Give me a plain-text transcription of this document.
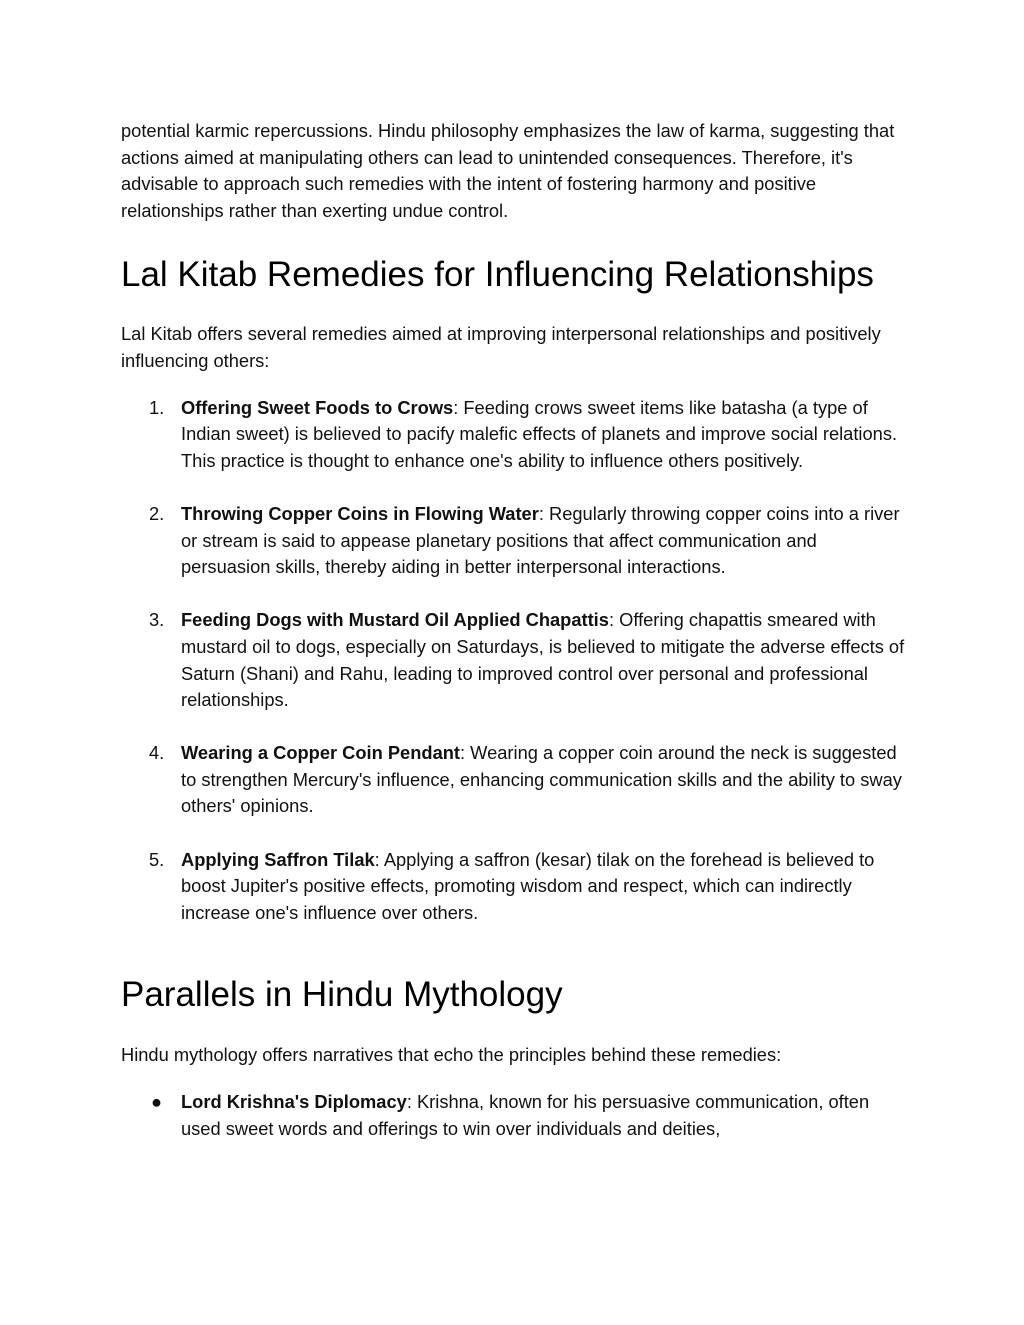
potential karmic repercussions. Hindu philosophy emphasizes the law of karma, suggesting that actions aimed at manipulating others can lead to unintended consequences. Therefore, it's advisable to approach such remedies with the intent of fostering harmony and positive relationships rather than exerting undue control.

Lal Kitab Remedies for Influencing Relationships

Lal Kitab offers several remedies aimed at improving interpersonal relationships and positively influencing others:

1. Offering Sweet Foods to Crows: Feeding crows sweet items like batasha (a type of Indian sweet) is believed to pacify malefic effects of planets and improve social relations. This practice is thought to enhance one's ability to influence others positively.
2. Throwing Copper Coins in Flowing Water: Regularly throwing copper coins into a river or stream is said to appease planetary positions that affect communication and persuasion skills, thereby aiding in better interpersonal interactions.
3. Feeding Dogs with Mustard Oil Applied Chapattis: Offering chapattis smeared with mustard oil to dogs, especially on Saturdays, is believed to mitigate the adverse effects of Saturn (Shani) and Rahu, leading to improved control over personal and professional relationships.
4. Wearing a Copper Coin Pendant: Wearing a copper coin around the neck is suggested to strengthen Mercury's influence, enhancing communication skills and the ability to sway others' opinions.
5. Applying Saffron Tilak: Applying a saffron (kesar) tilak on the forehead is believed to boost Jupiter's positive effects, promoting wisdom and respect, which can indirectly increase one's influence over others.
Parallels in Hindu Mythology

Hindu mythology offers narratives that echo the principles behind these remedies:

● Lord Krishna's Diplomacy: Krishna, known for his persuasive communication, often used sweet words and offerings to win over individuals and deities,
